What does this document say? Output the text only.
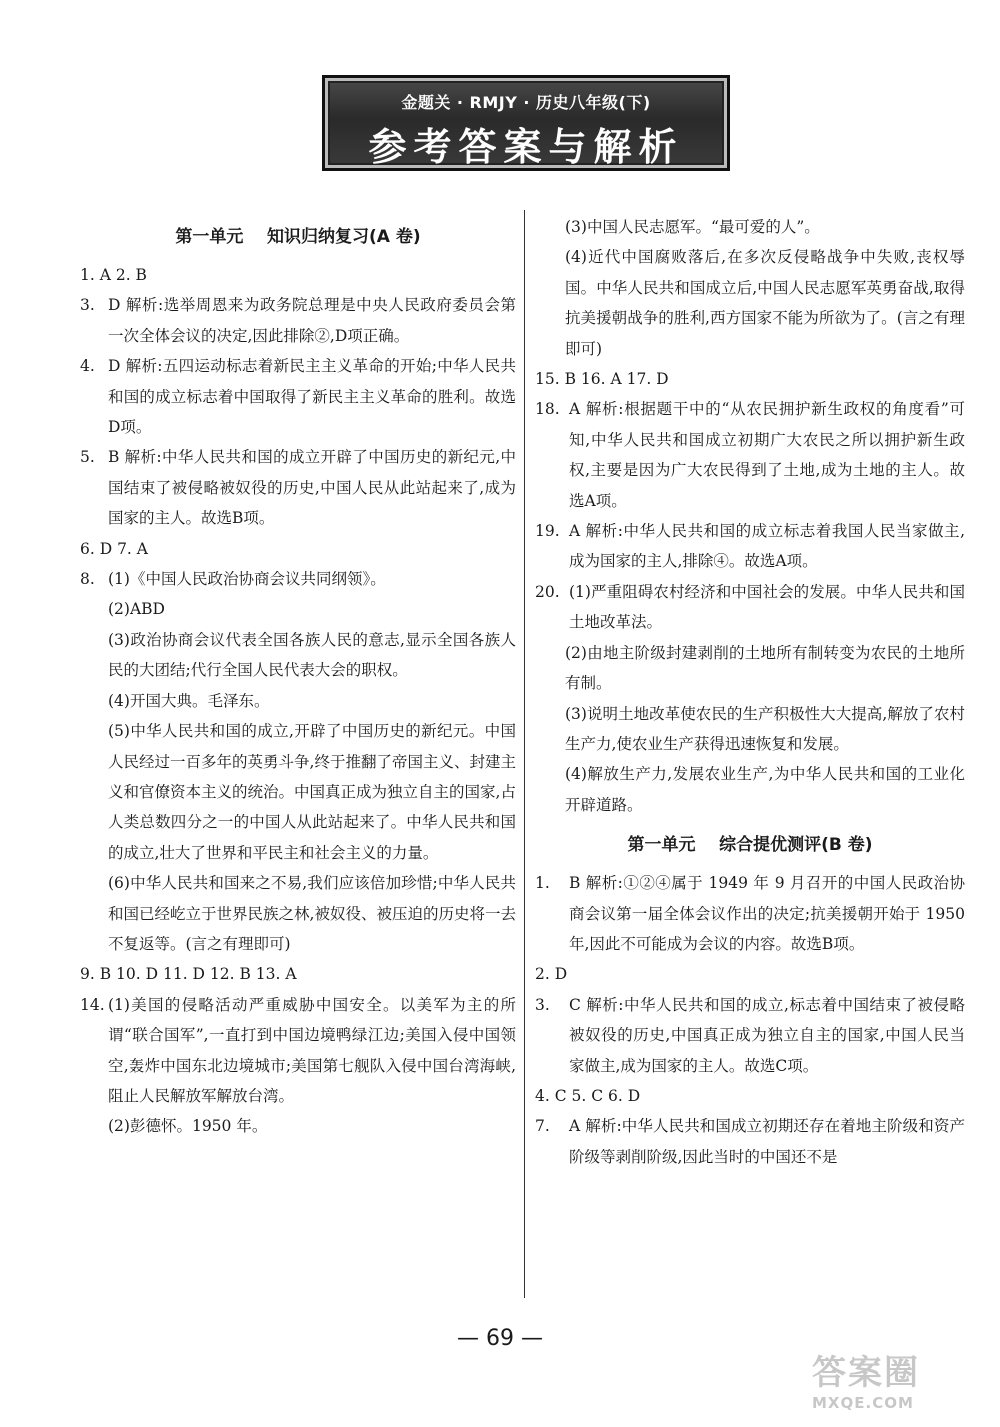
金题关 · RMJY · 历史八年级(下)
参考答案与解析
第一单元    知识归纳复习(A 卷)
1. A 2. B
3. D 解析:选举周恩来为政务院总理是中央人民政府委员会第一次全体会议的决定,因此排除②,D项正确。
4. D 解析:五四运动标志着新民主主义革命的开始;中华人民共和国的成立标志着中国取得了新民主主义革命的胜利。故选D项。
5. B 解析:中华人民共和国的成立开辟了中国历史的新纪元,中国结束了被侵略被奴役的历史,中国人民从此站起来了,成为国家的主人。故选B项。
6. D 7. A
8. (1)《中国人民政治协商会议共同纲领》。
(2)ABD
(3)政治协商会议代表全国各族人民的意志,显示全国各族人民的大团结;代行全国人民代表大会的职权。
(4)开国大典。毛泽东。
(5)中华人民共和国的成立,开辟了中国历史的新纪元。中国人民经过一百多年的英勇斗争,终于推翻了帝国主义、封建主义和官僚资本主义的统治。中国真正成为独立自主的国家,占人类总数四分之一的中国人从此站起来了。中华人民共和国的成立,壮大了世界和平民主和社会主义的力量。
(6)中华人民共和国来之不易,我们应该倍加珍惜;中华人民共和国已经屹立于世界民族之林,被奴役、被压迫的历史将一去不复返等。(言之有理即可)
9. B 10. D 11. D 12. B 13. A
14. (1)美国的侵略活动严重威胁中国安全。以美军为主的所谓“联合国军”,一直打到中国边境鸭绿江边;美国入侵中国领空,轰炸中国东北边境城市;美国第七舰队入侵中国台湾海峡,阻止人民解放军解放台湾。
(2)彭德怀。1950 年。
(3)中国人民志愿军。“最可爱的人”。
(4)近代中国腐败落后,在多次反侵略战争中失败,丧权辱国。中华人民共和国成立后,中国人民志愿军英勇奋战,取得抗美援朝战争的胜利,西方国家不能为所欲为了。(言之有理即可)
15. B 16. A 17. D
18. A 解析:根据题干中的“从农民拥护新生政权的角度看”可知,中华人民共和国成立初期广大农民之所以拥护新生政权,主要是因为广大农民得到了土地,成为土地的主人。故选A项。
19. A 解析:中华人民共和国的成立标志着我国人民当家做主,成为国家的主人,排除④。故选A项。
20. (1)严重阻碍农村经济和中国社会的发展。中华人民共和国土地改革法。
(2)由地主阶级封建剥削的土地所有制转变为农民的土地所有制。
(3)说明土地改革使农民的生产积极性大大提高,解放了农村生产力,使农业生产获得迅速恢复和发展。
(4)解放生产力,发展农业生产,为中华人民共和国的工业化开辟道路。
第一单元    综合提优测评(B 卷)
1.	B 解析:①②④属于 1949 年 9 月召开的中国人民政治协商会议第一届全体会议作出的决定;抗美援朝开始于 1950 年,因此不可能成为会议的内容。故选B项。
2. D
3.	C 解析:中华人民共和国的成立,标志着中国结束了被侵略被奴役的历史,中国真正成为独立自主的国家,中国人民当家做主,成为国家的主人。故选C项。
4. C 5. C 6. D
7.	A 解析:中华人民共和国成立初期还存在着地主阶级和资产阶级等剥削阶级,因此当时的中国还不是
— 69 —
答案圈
MXQE.COM
